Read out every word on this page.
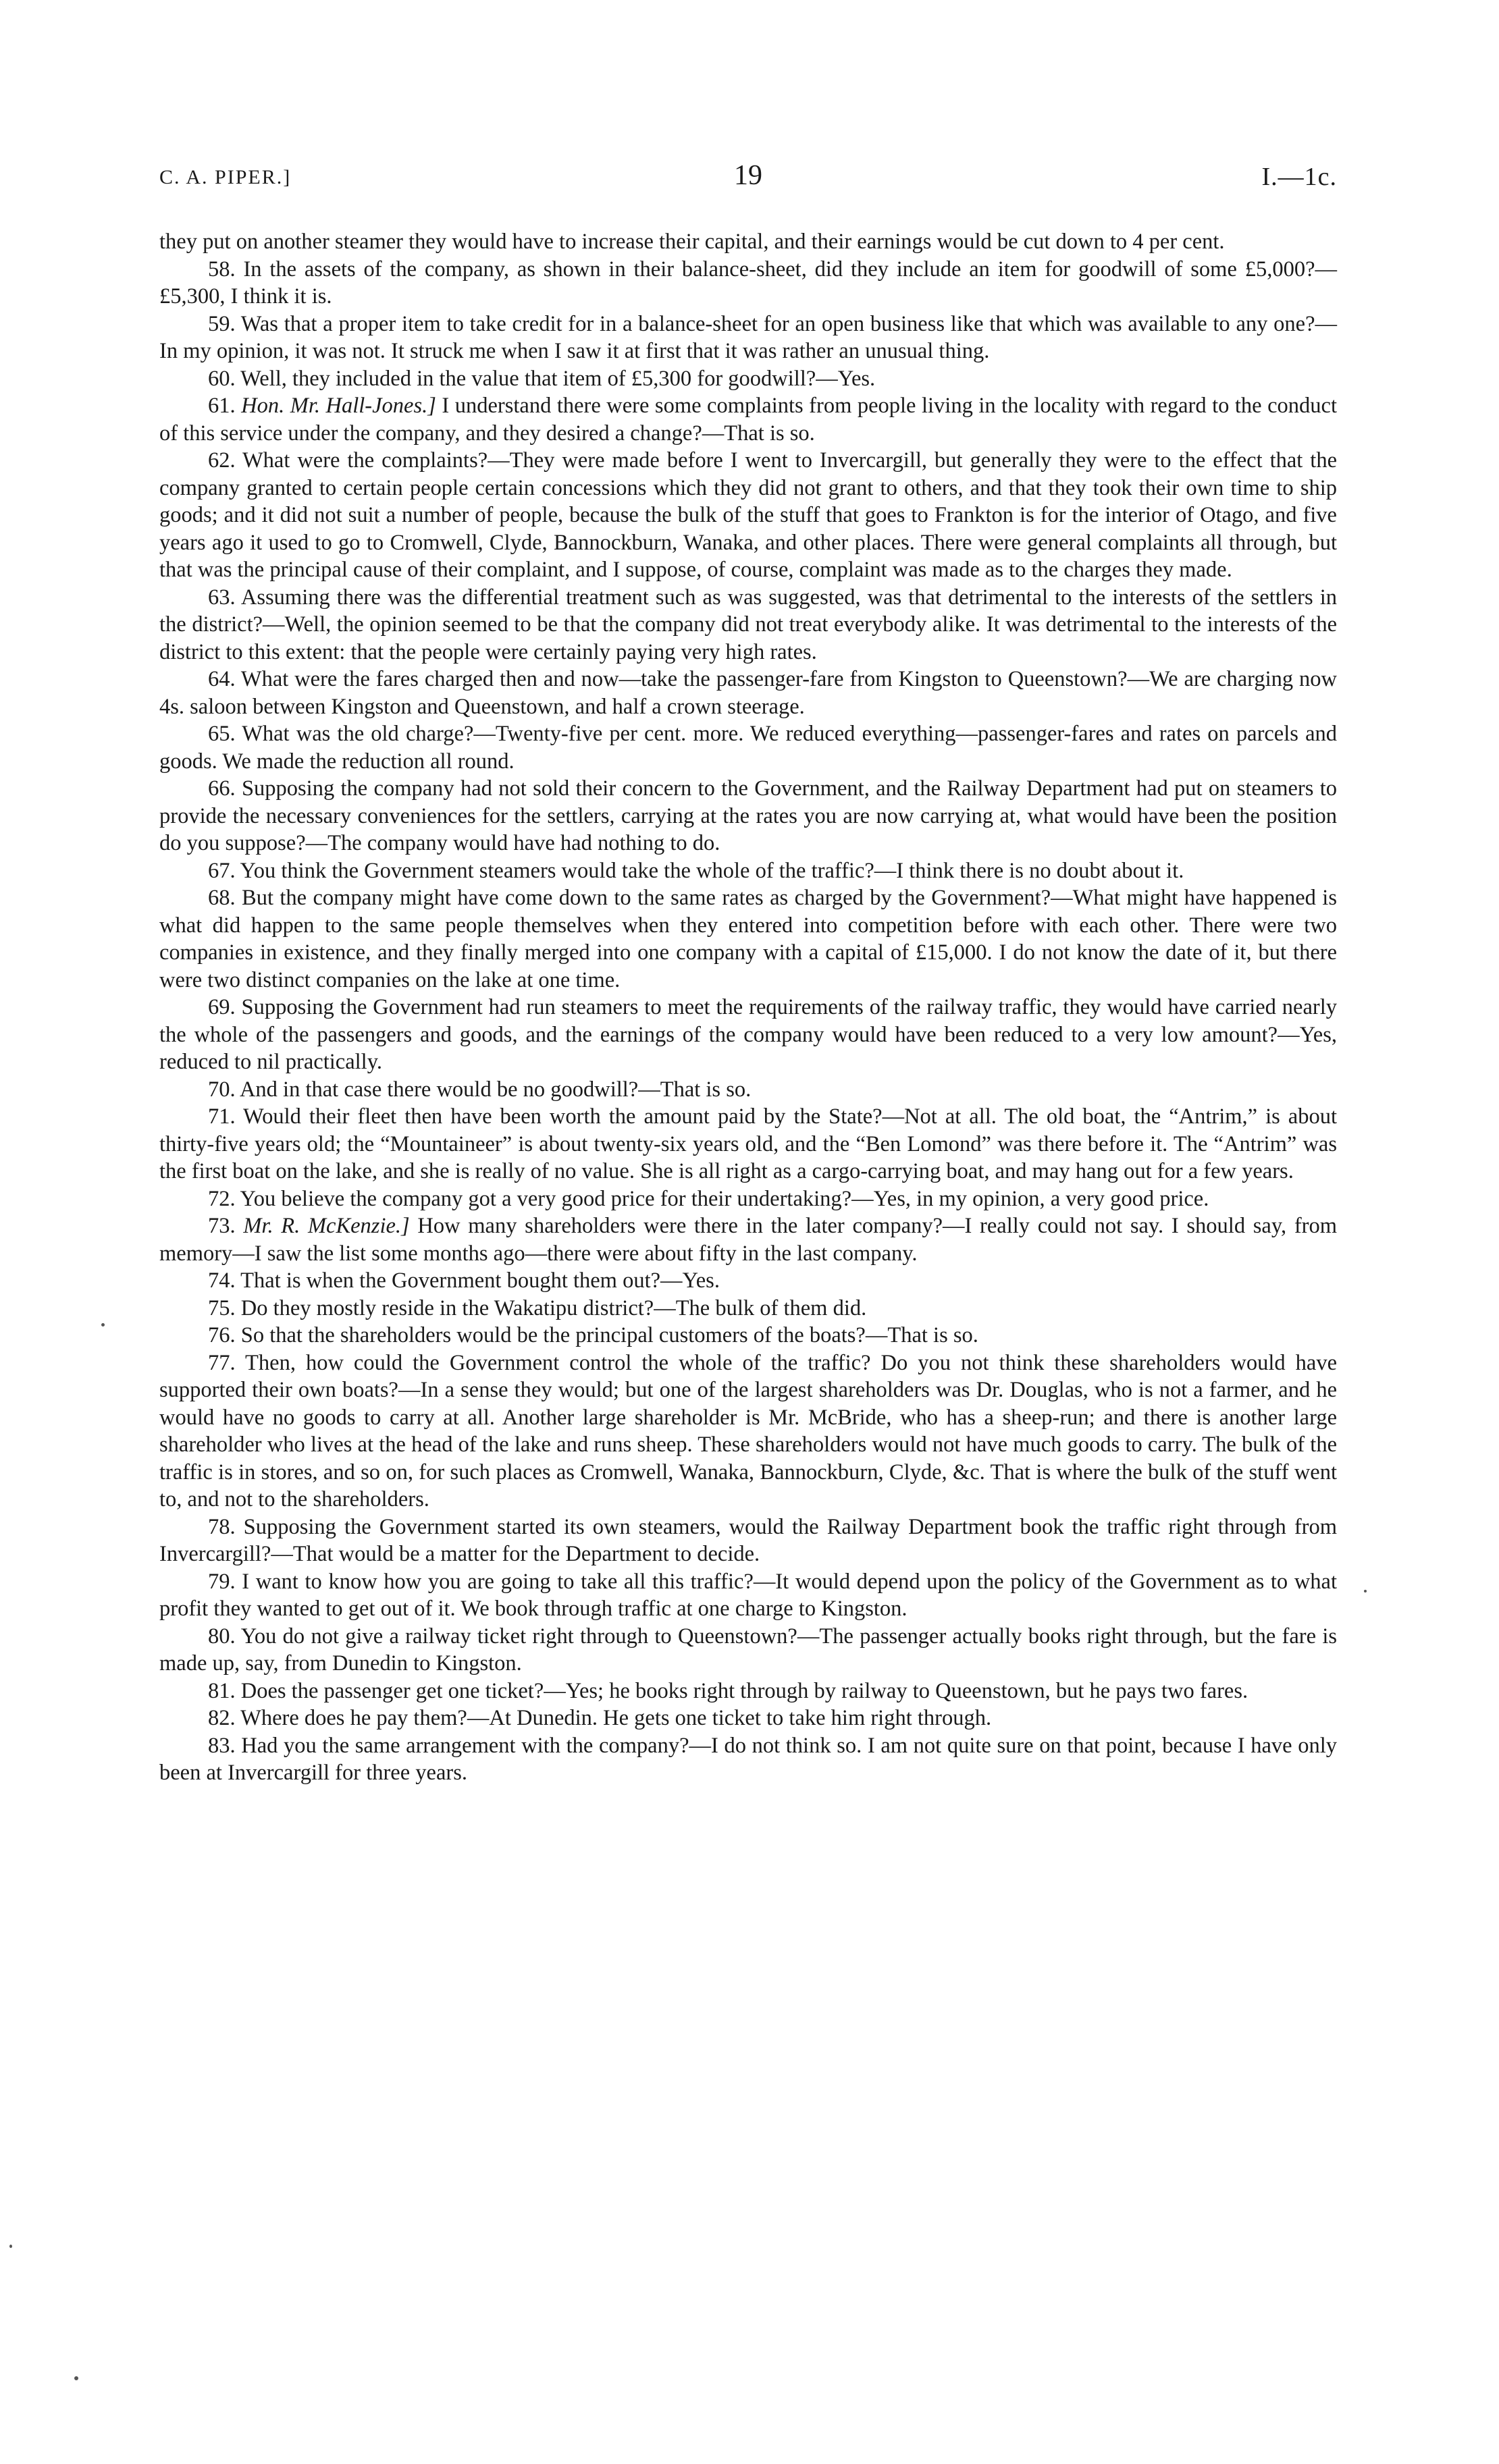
C. A. PIPER.]	19	I.—1c.

they put on another steamer they would have to increase their capital, and their earnings would be cut down to 4 per cent.

58. In the assets of the company, as shown in their balance-sheet, did they include an item for goodwill of some £5,000?—£5,300, I think it is.

59. Was that a proper item to take credit for in a balance-sheet for an open business like that which was available to any one?—In my opinion, it was not. It struck me when I saw it at first that it was rather an unusual thing.

60. Well, they included in the value that item of £5,300 for goodwill?—Yes.

61. Hon. Mr. Hall-Jones.] I understand there were some complaints from people living in the locality with regard to the conduct of this service under the company, and they desired a change?—That is so.

62. What were the complaints?—They were made before I went to Invercargill, but generally they were to the effect that the company granted to certain people certain concessions which they did not grant to others, and that they took their own time to ship goods; and it did not suit a number of people, because the bulk of the stuff that goes to Frankton is for the interior of Otago, and five years ago it used to go to Cromwell, Clyde, Bannockburn, Wanaka, and other places. There were general complaints all through, but that was the principal cause of their complaint, and I suppose, of course, complaint was made as to the charges they made.

63. Assuming there was the differential treatment such as was suggested, was that detrimental to the interests of the settlers in the district?—Well, the opinion seemed to be that the company did not treat everybody alike. It was detrimental to the interests of the district to this extent: that the people were certainly paying very high rates.

64. What were the fares charged then and now—take the passenger-fare from Kingston to Queenstown?—We are charging now 4s. saloon between Kingston and Queenstown, and half a crown steerage.

65. What was the old charge?—Twenty-five per cent. more. We reduced everything—passenger-fares and rates on parcels and goods. We made the reduction all round.

66. Supposing the company had not sold their concern to the Government, and the Railway Department had put on steamers to provide the necessary conveniences for the settlers, carrying at the rates you are now carrying at, what would have been the position do you suppose?—The company would have had nothing to do.

67. You think the Government steamers would take the whole of the traffic?—I think there is no doubt about it.

68. But the company might have come down to the same rates as charged by the Government?—What might have happened is what did happen to the same people themselves when they entered into competition before with each other. There were two companies in existence, and they finally merged into one company with a capital of £15,000. I do not know the date of it, but there were two distinct companies on the lake at one time.

69. Supposing the Government had run steamers to meet the requirements of the railway traffic, they would have carried nearly the whole of the passengers and goods, and the earnings of the company would have been reduced to a very low amount?—Yes, reduced to nil practically.

70. And in that case there would be no goodwill?—That is so.

71. Would their fleet then have been worth the amount paid by the State?—Not at all. The old boat, the “Antrim,” is about thirty-five years old; the “Mountaineer” is about twenty-six years old, and the “Ben Lomond” was there before it. The “Antrim” was the first boat on the lake, and she is really of no value. She is all right as a cargo-carrying boat, and may hang out for a few years.

72. You believe the company got a very good price for their undertaking?—Yes, in my opinion, a very good price.

73. Mr. R. McKenzie.] How many shareholders were there in the later company?—I really could not say. I should say, from memory—I saw the list some months ago—there were about fifty in the last company.

74. That is when the Government bought them out?—Yes.

75. Do they mostly reside in the Wakatipu district?—The bulk of them did.

76. So that the shareholders would be the principal customers of the boats?—That is so.

77. Then, how could the Government control the whole of the traffic? Do you not think these shareholders would have supported their own boats?—In a sense they would; but one of the largest shareholders was Dr. Douglas, who is not a farmer, and he would have no goods to carry at all. Another large shareholder is Mr. McBride, who has a sheep-run; and there is another large shareholder who lives at the head of the lake and runs sheep. These shareholders would not have much goods to carry. The bulk of the traffic is in stores, and so on, for such places as Cromwell, Wanaka, Bannockburn, Clyde, &c. That is where the bulk of the stuff went to, and not to the shareholders.

78. Supposing the Government started its own steamers, would the Railway Department book the traffic right through from Invercargill?—That would be a matter for the Department to decide.

79. I want to know how you are going to take all this traffic?—It would depend upon the policy of the Government as to what profit they wanted to get out of it. We book through traffic at one charge to Kingston.

80. You do not give a railway ticket right through to Queenstown?—The passenger actually books right through, but the fare is made up, say, from Dunedin to Kingston.

81. Does the passenger get one ticket?—Yes; he books right through by railway to Queenstown, but he pays two fares.

82. Where does he pay them?—At Dunedin. He gets one ticket to take him right through.

83. Had you the same arrangement with the company?—I do not think so. I am not quite sure on that point, because I have only been at Invercargill for three years.
